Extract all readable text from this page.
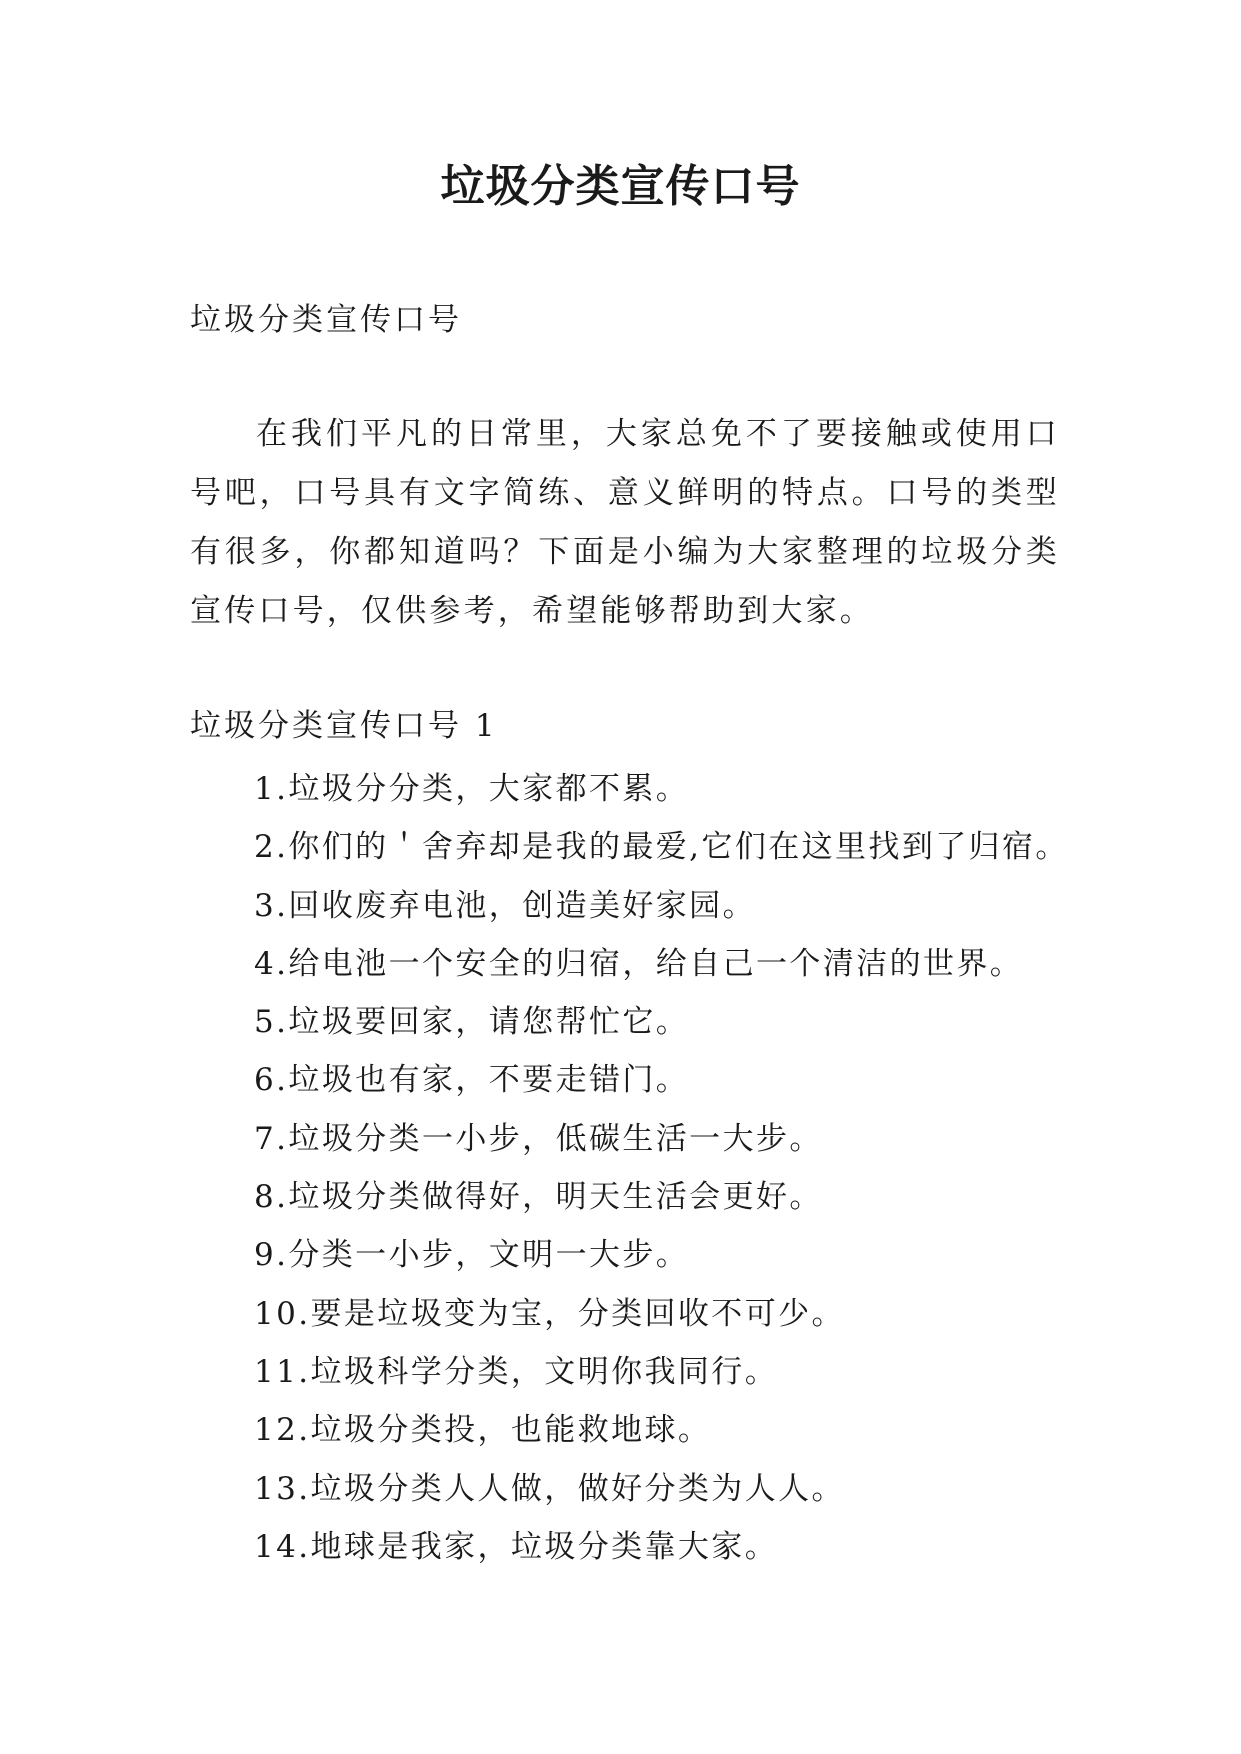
垃圾分类宣传口号

垃圾分类宣传口号

在我们平凡的日常里，大家总免不了要接触或使用口号吧，口号具有文字简练、意义鲜明的特点。口号的类型有很多，你都知道吗？下面是小编为大家整理的垃圾分类宣传口号，仅供参考，希望能够帮助到大家。

垃圾分类宣传口号 1

1.垃圾分分类，大家都不累。
2.你们的＇舍弃却是我的最爱,它们在这里找到了归宿。
3.回收废弃电池，创造美好家园。
4.给电池一个安全的归宿，给自己一个清洁的世界。
5.垃圾要回家，请您帮忙它。
6.垃圾也有家，不要走错门。
7.垃圾分类一小步，低碳生活一大步。
8.垃圾分类做得好，明天生活会更好。
9.分类一小步，文明一大步。
10.要是垃圾变为宝，分类回收不可少。
11.垃圾科学分类，文明你我同行。
12.垃圾分类投，也能救地球。
13.垃圾分类人人做，做好分类为人人。
14.地球是我家，垃圾分类靠大家。
